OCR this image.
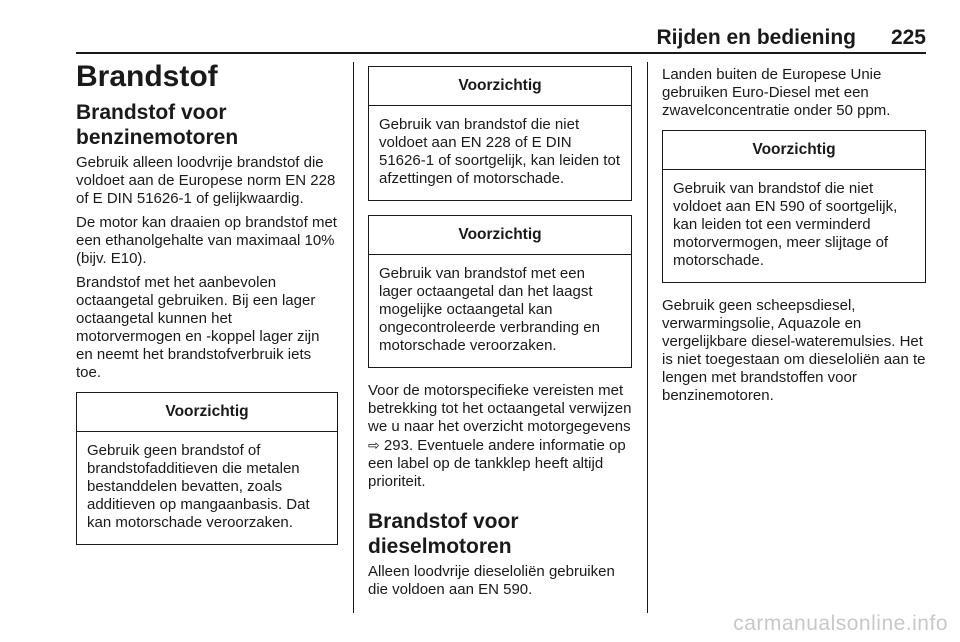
Rijden en bediening 225
Brandstof
Brandstof voor benzinemotoren

Gebruik alleen loodvrije brandstof die voldoet aan de Europese norm EN 228 of E DIN 51626-1 of gelijkwaardig.

De motor kan draaien op brandstof met een ethanolgehalte van maximaal 10% (bijv. E10).

Brandstof met het aanbevolen octaangetal gebruiken. Bij een lager octaangetal kunnen het motorvermogen en -koppel lager zijn en neemt het brandstofverbruik iets toe.

Voorzichtig
Gebruik geen brandstof of brandstofadditieven die metalen bestanddelen bevatten, zoals additieven op mangaanbasis. Dat kan motorschade veroorzaken.
Voorzichtig
Gebruik van brandstof die niet voldoet aan EN 228 of E DIN 51626-1 of soortgelijk, kan leiden tot afzettingen of motorschade.
Voorzichtig
Gebruik van brandstof met een lager octaangetal dan het laagst mogelijke octaangetal kan ongecontroleerde verbranding en motorschade veroorzaken.

Voor de motorspecifieke vereisten met betrekking tot het octaangetal verwijzen we u naar het overzicht motorgegevens ⇨ 293. Eventuele andere informatie op een label op de tankklep heeft altijd prioriteit.

Brandstof voor dieselmotoren

Alleen loodvrije dieseloliën gebruiken die voldoen aan EN 590.

Landen buiten de Europese Unie gebruiken Euro-Diesel met een zwavelconcentratie onder 50 ppm.

Voorzichtig
Gebruik van brandstof die niet voldoet aan EN 590 of soortgelijk, kan leiden tot een verminderd motorvermogen, meer slijtage of motorschade.

Gebruik geen scheepsdiesel, verwarmingsolie, Aquazole en vergelijkbare diesel-wateremulsies. Het is niet toegestaan om dieseloliën aan te lengen met brandstoffen voor benzinemotoren.

carmanualsonline.info
